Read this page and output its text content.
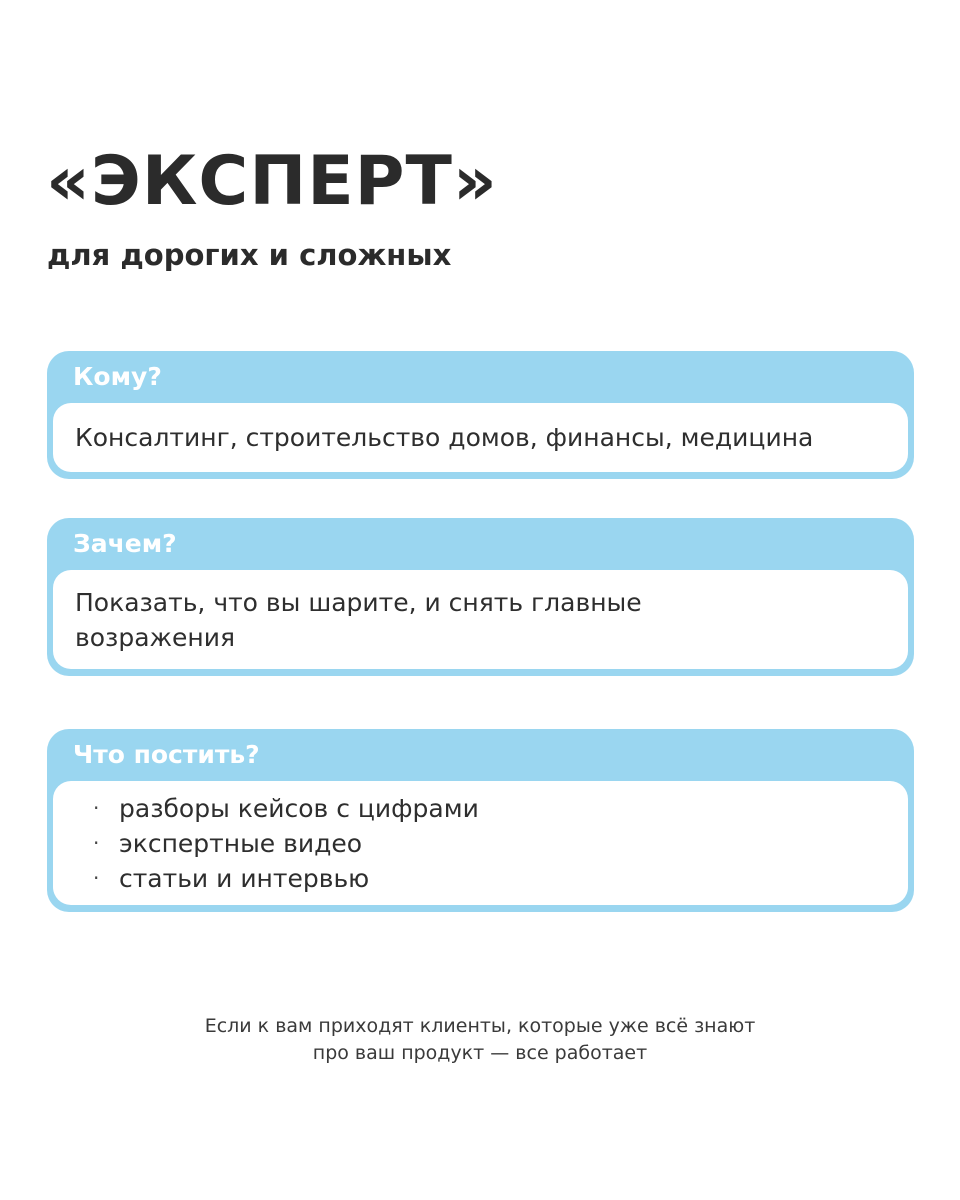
«ЭКСПЕРТ»
для дорогих и сложных
Кому?
Консалтинг, строительство домов, финансы, медицина
Зачем?
Показать, что вы шарите, и снять главные возражения
Что постить?
· разборы кейсов с цифрами
· экспертные видео
· статьи и интервью
Если к вам приходят клиенты, которые уже всё знают
про ваш продукт — все работает
